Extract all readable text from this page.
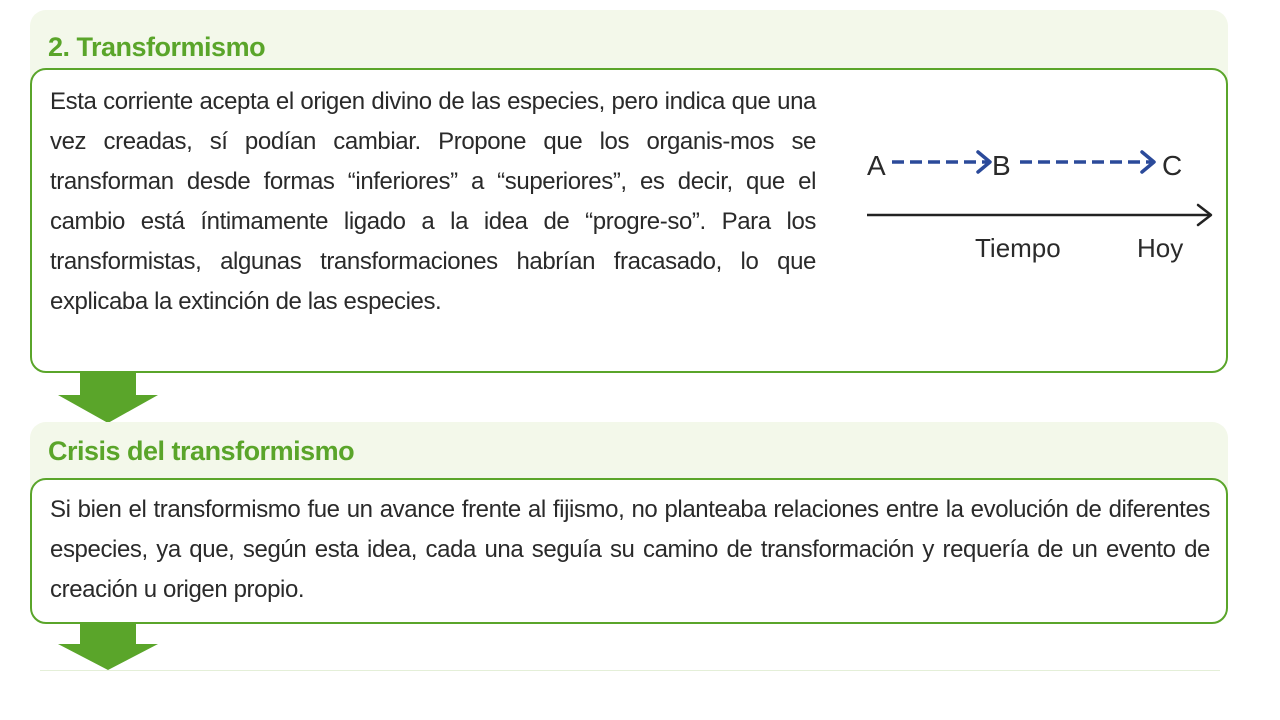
2. Transformismo

Esta corriente acepta el origen divino de las especies, pero indica que una vez creadas, sí podían cambiar. Propone que los organis-mos se transforman desde formas “inferiores” a “superiores”, es decir, que el cambio está íntimamente ligado a la idea de “progre-so”. Para los transformistas, algunas transformaciones habrían fracasado, lo que explicaba la extinción de las especies.

A	B	C
Tiempo	Hoy
Crisis del transformismo

Si bien el transformismo fue un avance frente al fijismo, no planteaba relaciones entre la evolución de diferentes especies, ya que, según esta idea, cada una seguía su camino de transformación y requería de un evento de creación u origen propio.
